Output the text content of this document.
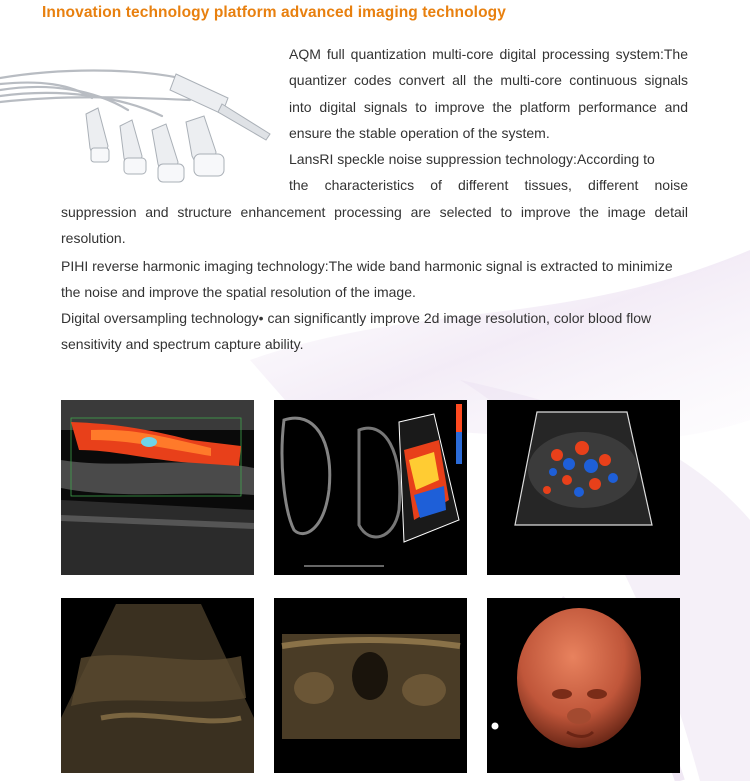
Innovation technology platform advanced imaging technology

AQM full quantization multi-core digital processing system:The quantizer codes convert all the multi-core continuous signals into digital signals to improve the platform performance and ensure the stable operation of the system.

LansRI speckle noise suppression technology:According to

the characteristics of different tissues, different noise

suppression and structure enhancement processing are selected to improve the image detail resolution.

PIHI reverse harmonic imaging technology:The wide band harmonic signal is extracted to minimize the noise and improve the spatial resolution of the image.

Digital oversampling technology• can significantly improve 2d image resolution, color blood flow sensitivity and spectrum capture ability.
